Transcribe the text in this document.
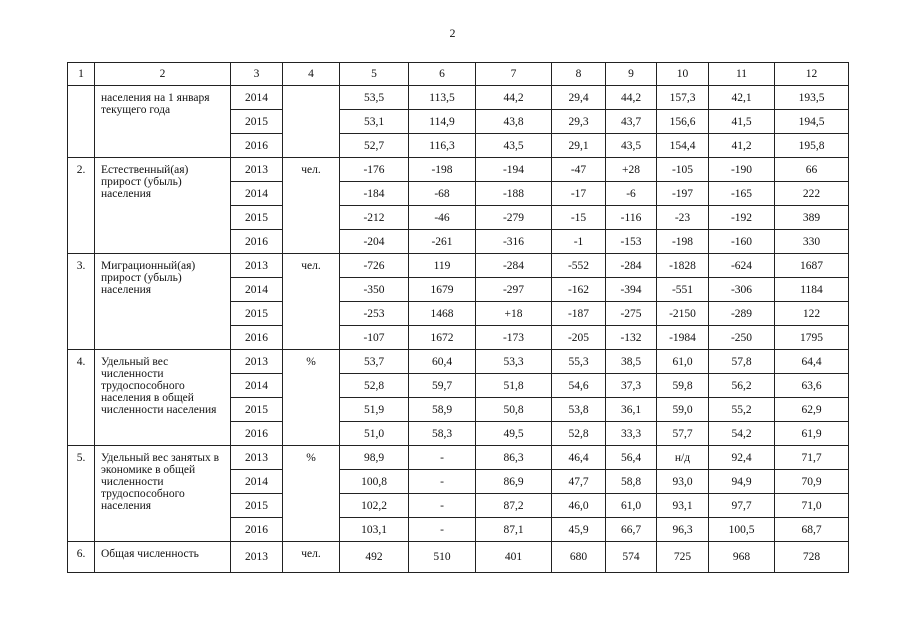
2
1	2	3	4	5	6	7	8	9	10	11	12
	населения на 1 января текущего года	2014		53,5	113,5	44,2	29,4	44,2	157,3	42,1	193,5
		2015		53,1	114,9	43,8	29,3	43,7	156,6	41,5	194,5
		2016		52,7	116,3	43,5	29,1	43,5	154,4	41,2	195,8
2.	Естественный(ая) прирост (убыль) населения	2013	чел.	-176	-198	-194	-47	+28	-105	-190	66
		2014		-184	-68	-188	-17	-6	-197	-165	222
		2015		-212	-46	-279	-15	-116	-23	-192	389
		2016		-204	-261	-316	-1	-153	-198	-160	330
3.	Миграционный(ая) прирост (убыль) населения	2013	чел.	-726	119	-284	-552	-284	-1828	-624	1687
		2014		-350	1679	-297	-162	-394	-551	-306	1184
		2015		-253	1468	+18	-187	-275	-2150	-289	122
		2016		-107	1672	-173	-205	-132	-1984	-250	1795
4.	Удельный вес численности трудоспособного населения в общей численности населения	2013	%	53,7	60,4	53,3	55,3	38,5	61,0	57,8	64,4
		2014		52,8	59,7	51,8	54,6	37,3	59,8	56,2	63,6
		2015		51,9	58,9	50,8	53,8	36,1	59,0	55,2	62,9
		2016		51,0	58,3	49,5	52,8	33,3	57,7	54,2	61,9
5.	Удельный вес занятых в экономике в общей численности трудоспособного населения	2013	%	98,9	-	86,3	46,4	56,4	н/д	92,4	71,7
		2014		100,8	-	86,9	47,7	58,8	93,0	94,9	70,9
		2015		102,2	-	87,2	46,0	61,0	93,1	97,7	71,0
		2016		103,1	-	87,1	45,9	66,7	96,3	100,5	68,7
6.	Общая численность	2013	чел.	492	510	401	680	574	725	968	728
